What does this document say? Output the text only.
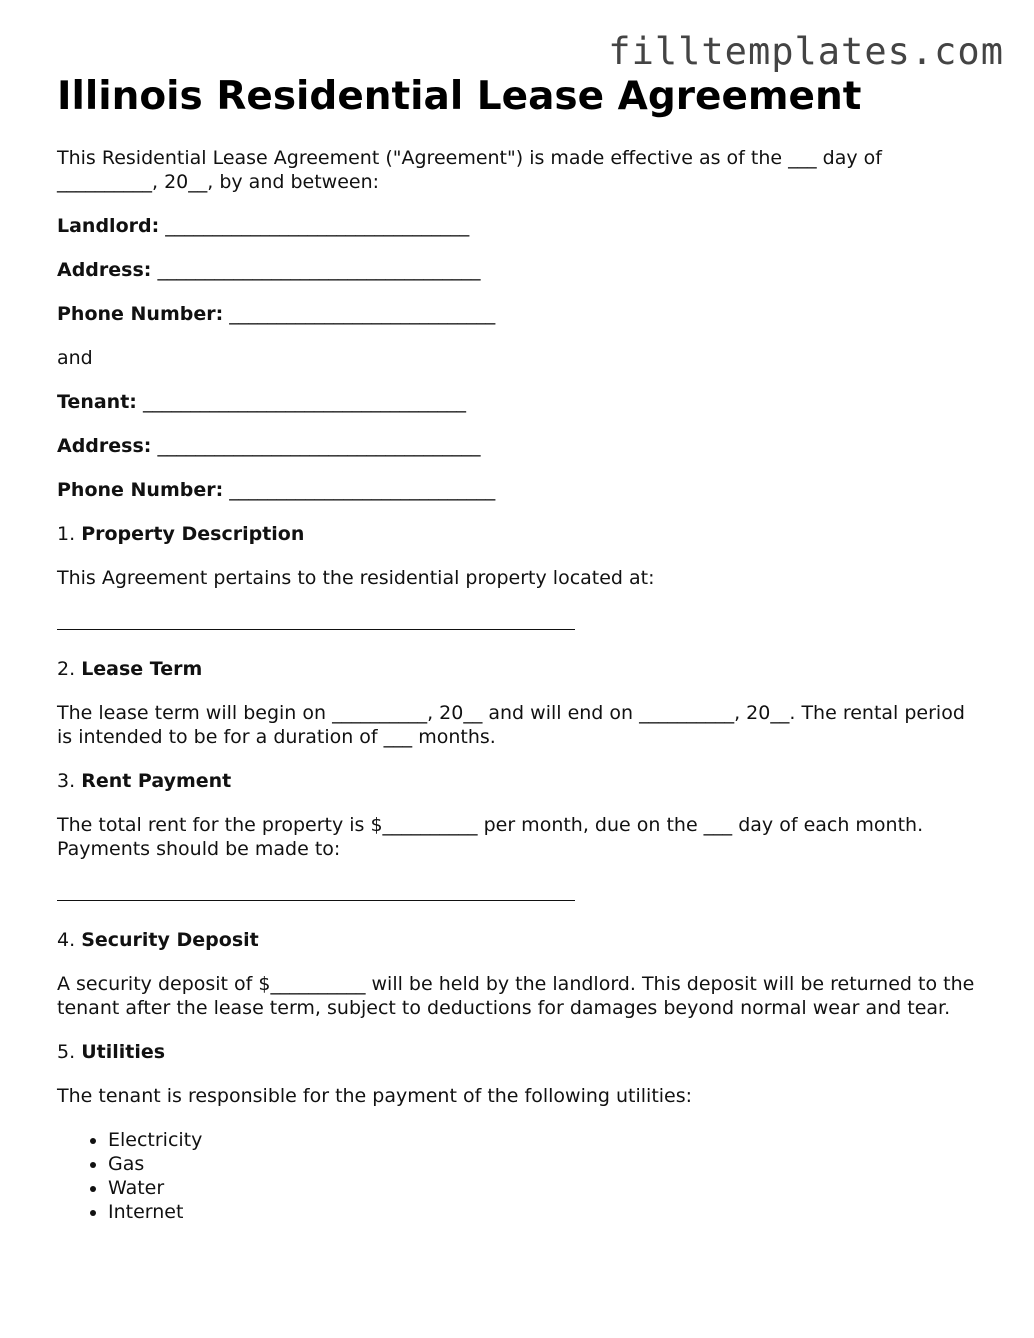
filltemplates.com
Illinois Residential Lease Agreement

This Residential Lease Agreement ("Agreement") is made effective as of the ___ day of __________, 20__, by and between:

Landlord: ________________________________

Address: __________________________________

Phone Number: ____________________________

and

Tenant: __________________________________

Address: __________________________________

Phone Number: ____________________________

1. Property Description

This Agreement pertains to the residential property located at:

2. Lease Term

The lease term will begin on __________, 20__ and will end on __________, 20__. The rental period is intended to be for a duration of ___ months.

3. Rent Payment

The total rent for the property is $__________ per month, due on the ___ day of each month. Payments should be made to:

4. Security Deposit

A security deposit of $__________ will be held by the landlord. This deposit will be returned to the tenant after the lease term, subject to deductions for damages beyond normal wear and tear.

5. Utilities

The tenant is responsible for the payment of the following utilities:

• Electricity
• Gas
• Water
• Internet
